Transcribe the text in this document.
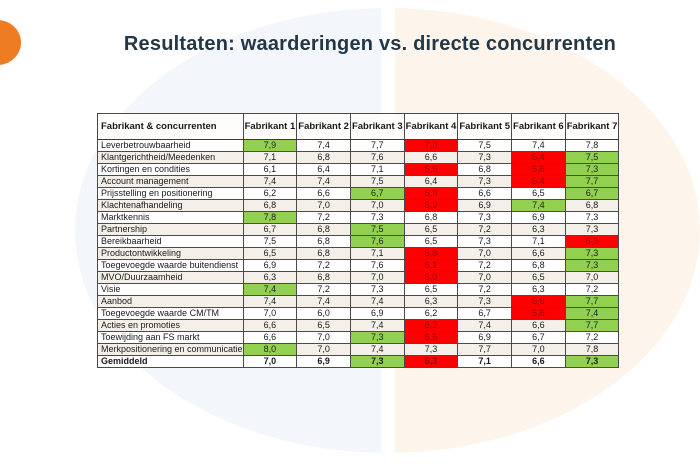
Resultaten: waarderingen vs. directe concurrenten
Fabrikant & concurrenten	Fabrikant 1	Fabrikant 2	Fabrikant 3	Fabrikant 4	Fabrikant 5	Fabrikant 6	Fabrikant 7
Leverbetrouwbaarheid	7,9	7,4	7,7	7,0	7,5	7,4	7,8
Klantgerichtheid/Meedenken	7,1	6,8	7,6	6,6	7,3	6,4	7,5
Kortingen en condities	6,1	6,4	7,1	5,6	6,8	5,6	7,3
Account management	7,4	7,4	7,5	6,4	7,3	6,4	7,7
Prijsstelling en positionering	6,2	6,6	6,7	5,9	6,6	6,5	6,7
Klachtenafhandeling	6,8	7,0	7,0	5,9	6,9	7,4	6,8
Marktkennis	7,8	7,2	7,3	6,8	7,3	6,9	7,3
Partnership	6,7	6,8	7,5	6,5	7,2	6,3	7,3
Bereikbaarheid	7,5	6,8	7,6	6,5	7,3	7,1	6,3
Productontwikkeling	6,5	6,8	7,1	5,8	7,0	6,6	7,3
Toegevoegde waarde buitendienst	6,9	7,2	7,6	6,1	7,2	6,8	7,3
MVO/Duurzaamheid	6,3	6,8	7,0	5,0	7,0	6,5	7,0
Visie	7,4	7,2	7,3	6,5	7,2	6,3	7,2
Aanbod	7,4	7,4	7,4	6,3	7,3	6,8	7,7
Toegevoegde waarde CM/TM	7,0	6,0	6,9	6,2	6,7	5,6	7,4
Acties en promoties	6,6	6,5	7,4	6,2	7,4	6,6	7,7
Toewijding aan FS markt	6,6	7,0	7,3	6,5	6,9	6,7	7,2
Merkpositionering en communicatie	8,0	7,0	7,4	7,3	7,7	7,0	7,8
Gemiddeld	7,0	6,9	7,3	6,3	7,1	6,6	7,3
